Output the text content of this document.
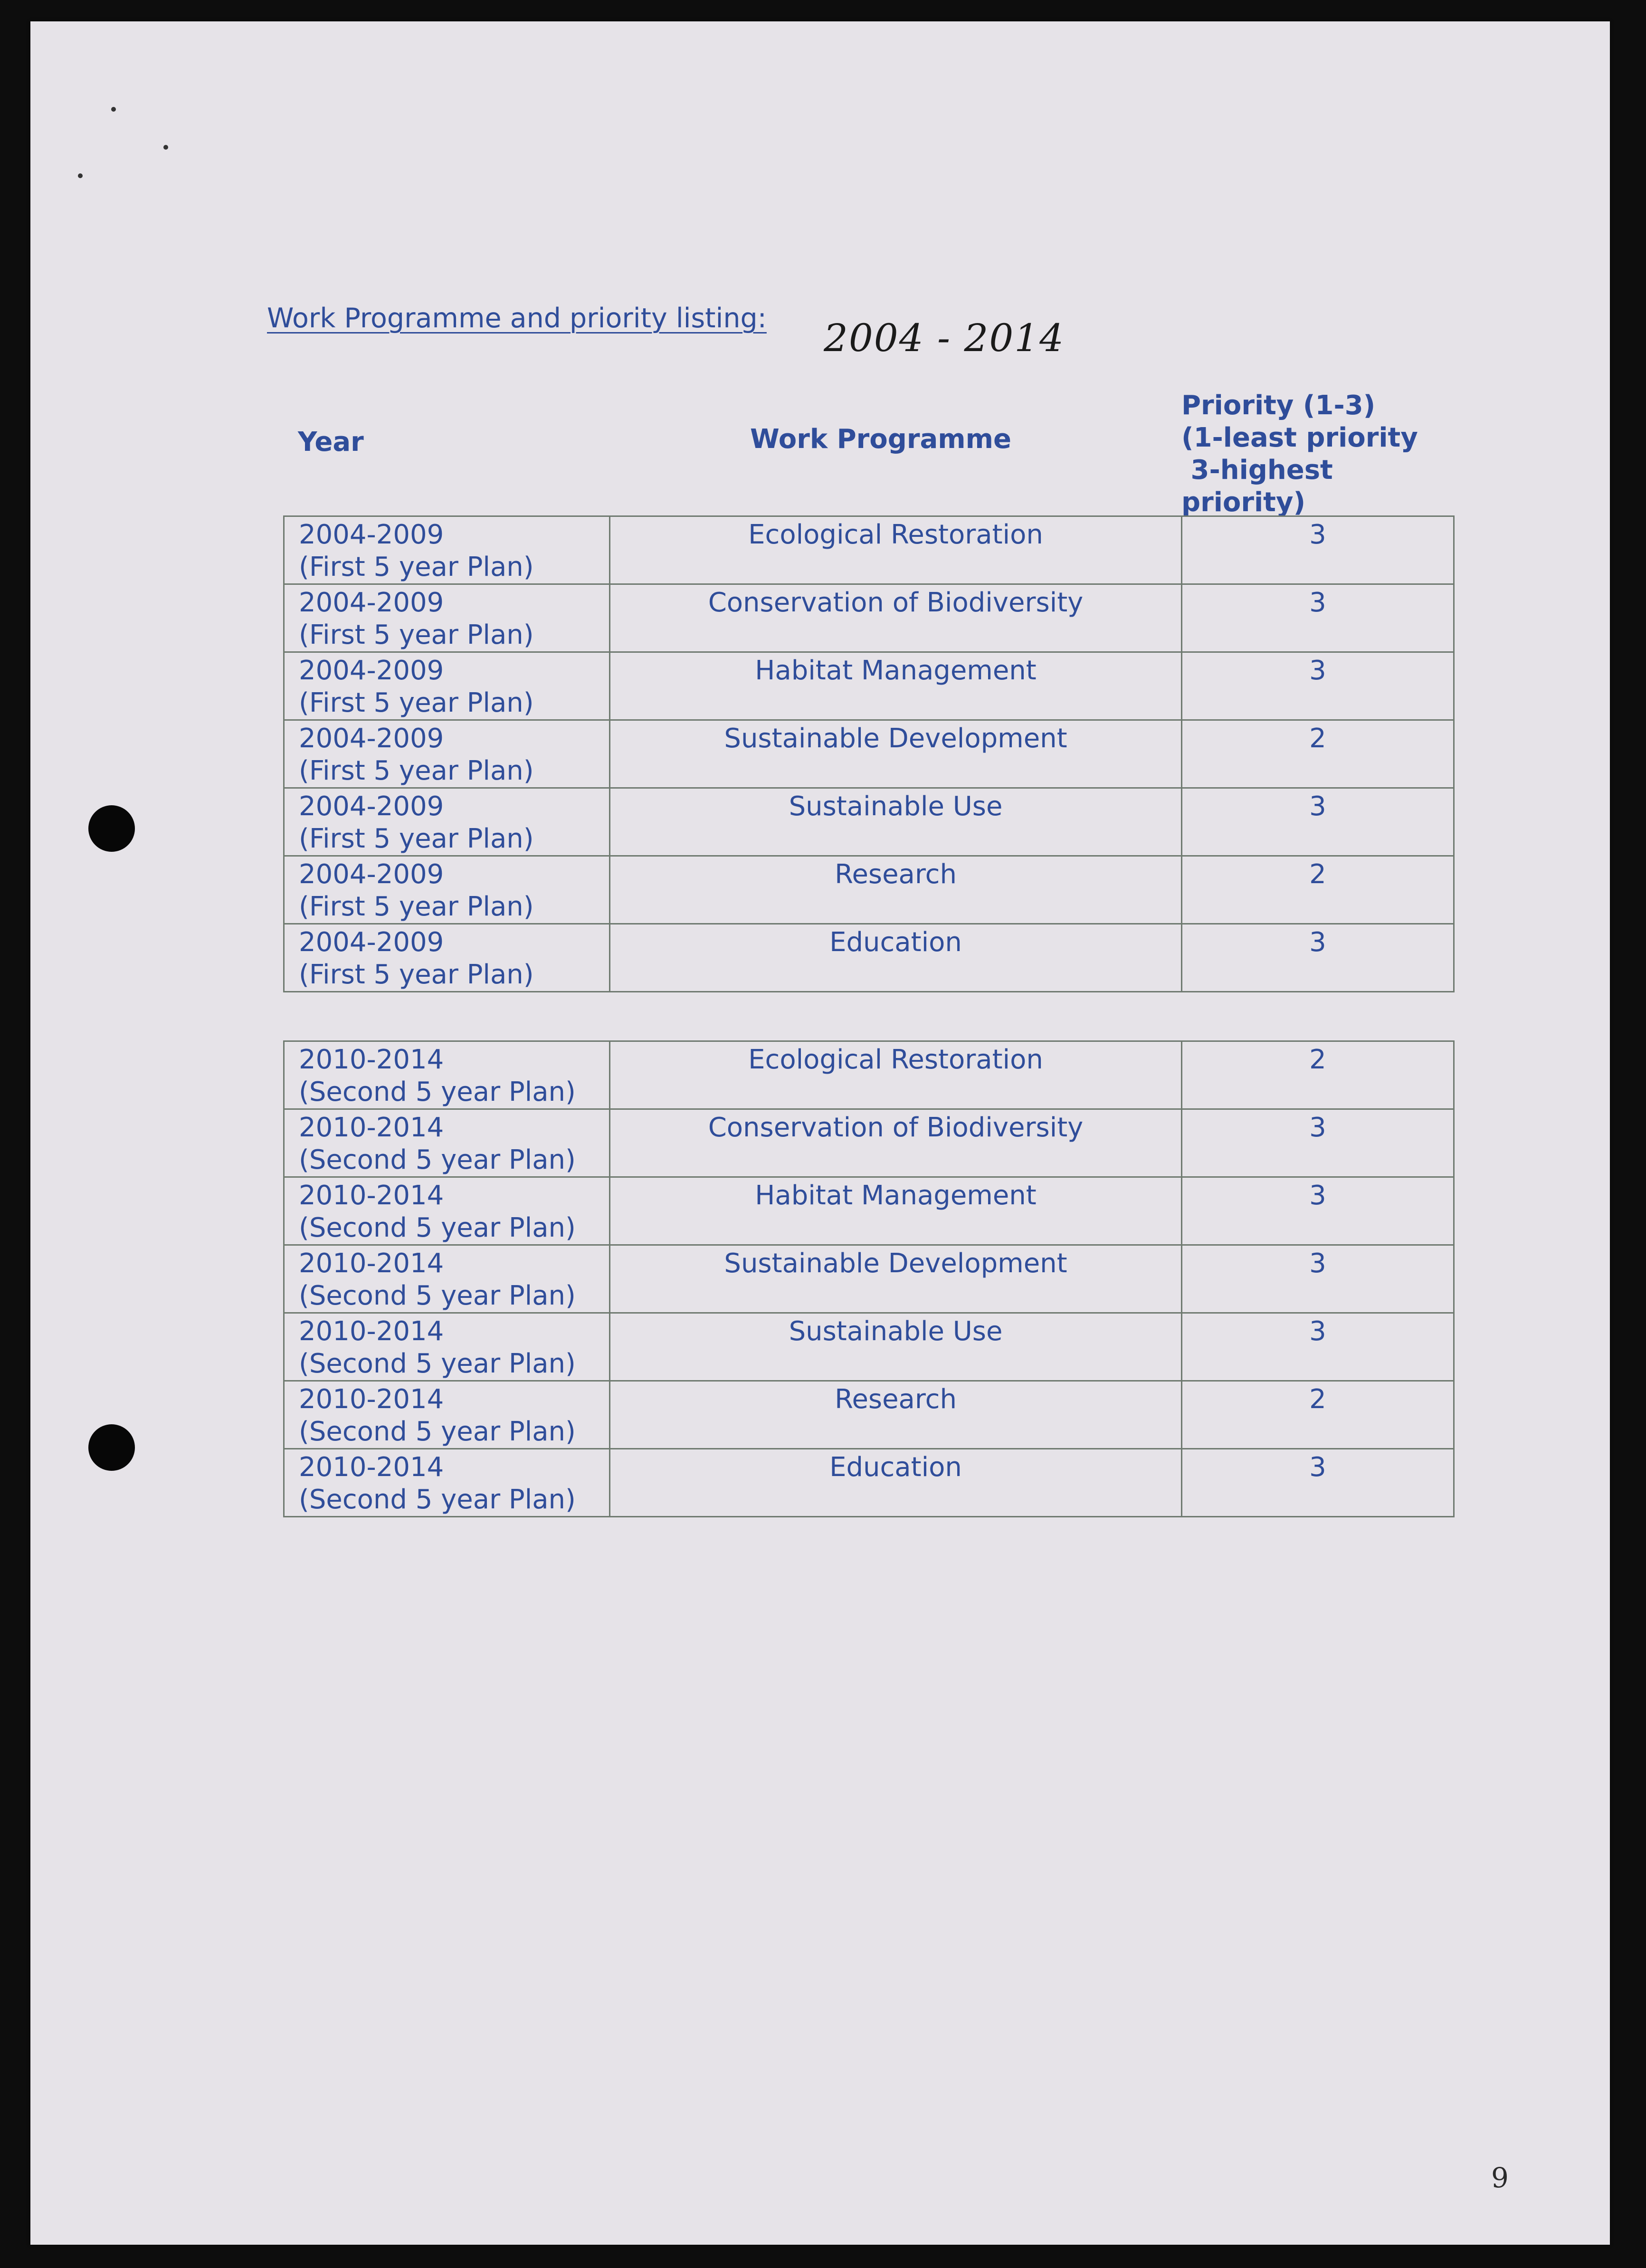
Work Programme and priority listing: 2004 - 2014
Year	Work Programme
Priority (1-3)
(1-least priority
3-highest
priority)
2004-2009
(First 5 year Plan)	Ecological Restoration	3

2004-2009
(First 5 year Plan)	Conservation of Biodiversity	3

2004-2009
(First 5 year Plan)	Habitat Management	3

2004-2009
(First 5 year Plan)	Sustainable Development	2

2004-2009
(First 5 year Plan)	Sustainable Use	3

2004-2009
(First 5 year Plan)	Research	2

2004-2009
(First 5 year Plan)	Education	3
2010-2014
(Second 5 year Plan)	Ecological Restoration	2

2010-2014
(Second 5 year Plan)	Conservation of Biodiversity	3

2010-2014
(Second 5 year Plan)	Habitat Management	3

2010-2014
(Second 5 year Plan)	Sustainable Development	3

2010-2014
(Second 5 year Plan)	Sustainable Use	3

2010-2014
(Second 5 year Plan)	Research	2

2010-2014
(Second 5 year Plan)	Education	3
9
